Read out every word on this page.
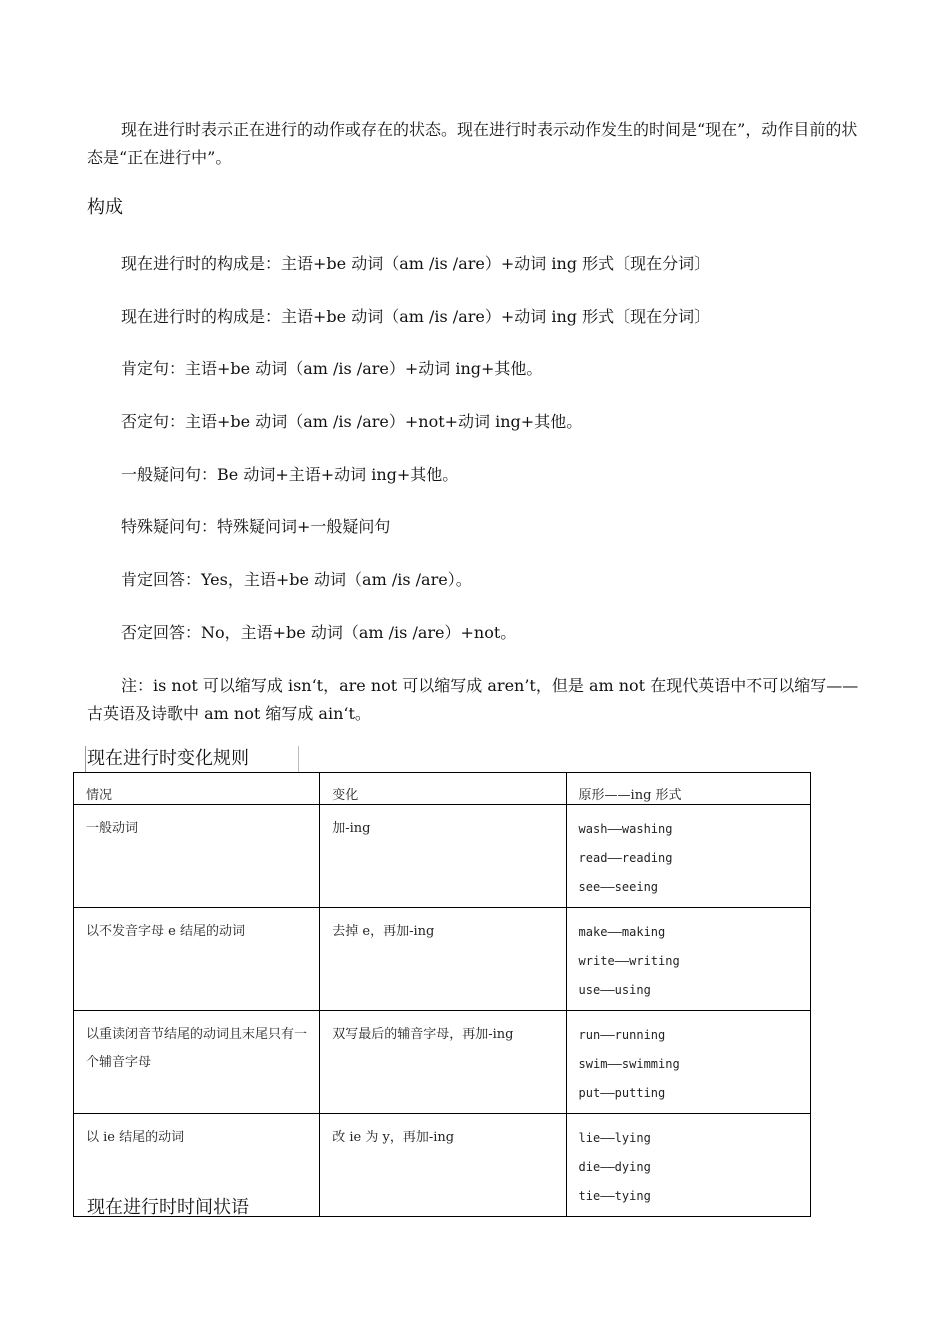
现在进行时表示正在进行的动作或存在的状态。现在进行时表示动作发生的时间是“现在”，动作目前的状态是“正在进行中”。

构成
现在进行时的构成是：主语+be 动词（am /is /are）+动词 ing 形式〔现在分词〕
现在进行时的构成是：主语+be 动词（am /is /are）+动词 ing 形式〔现在分词〕
肯定句：主语+be 动词（am /is /are）+动词 ing+其他。
否定句：主语+be 动词（am /is /are）+not+动词 ing+其他。
一般疑问句：Be 动词+主语+动词 ing+其他。
特殊疑问句：特殊疑问词+一般疑问句
肯定回答：Yes，主语+be 动词（am /is /are）。
否定回答：No，主语+be 动词（am /is /are）+not。

注：is not 可以缩写成 isn‘t，are not 可以缩写成 aren’t，但是 am not 在现代英语中不可以缩写——古英语及诗歌中 am not 缩写成 ain‘t。

现在进行时变化规则
情况	变化	原形——ing 形式
一般动词	加-ing	wash——washing
read——reading
see——seeing

以不发音字母 e 结尾的动词	去掉 e，再加-ing	make——making
write——writing
use——using

以重读闭音节结尾的动词且末尾只有一个辅音字母	双写最后的辅音字母，再加-ing	run——running
swim——swimming
put——putting

以 ie 结尾的动词	改 ie 为 y，再加-ing	lie——lying
die——dying
tie——tying
现在进行时时间状语
